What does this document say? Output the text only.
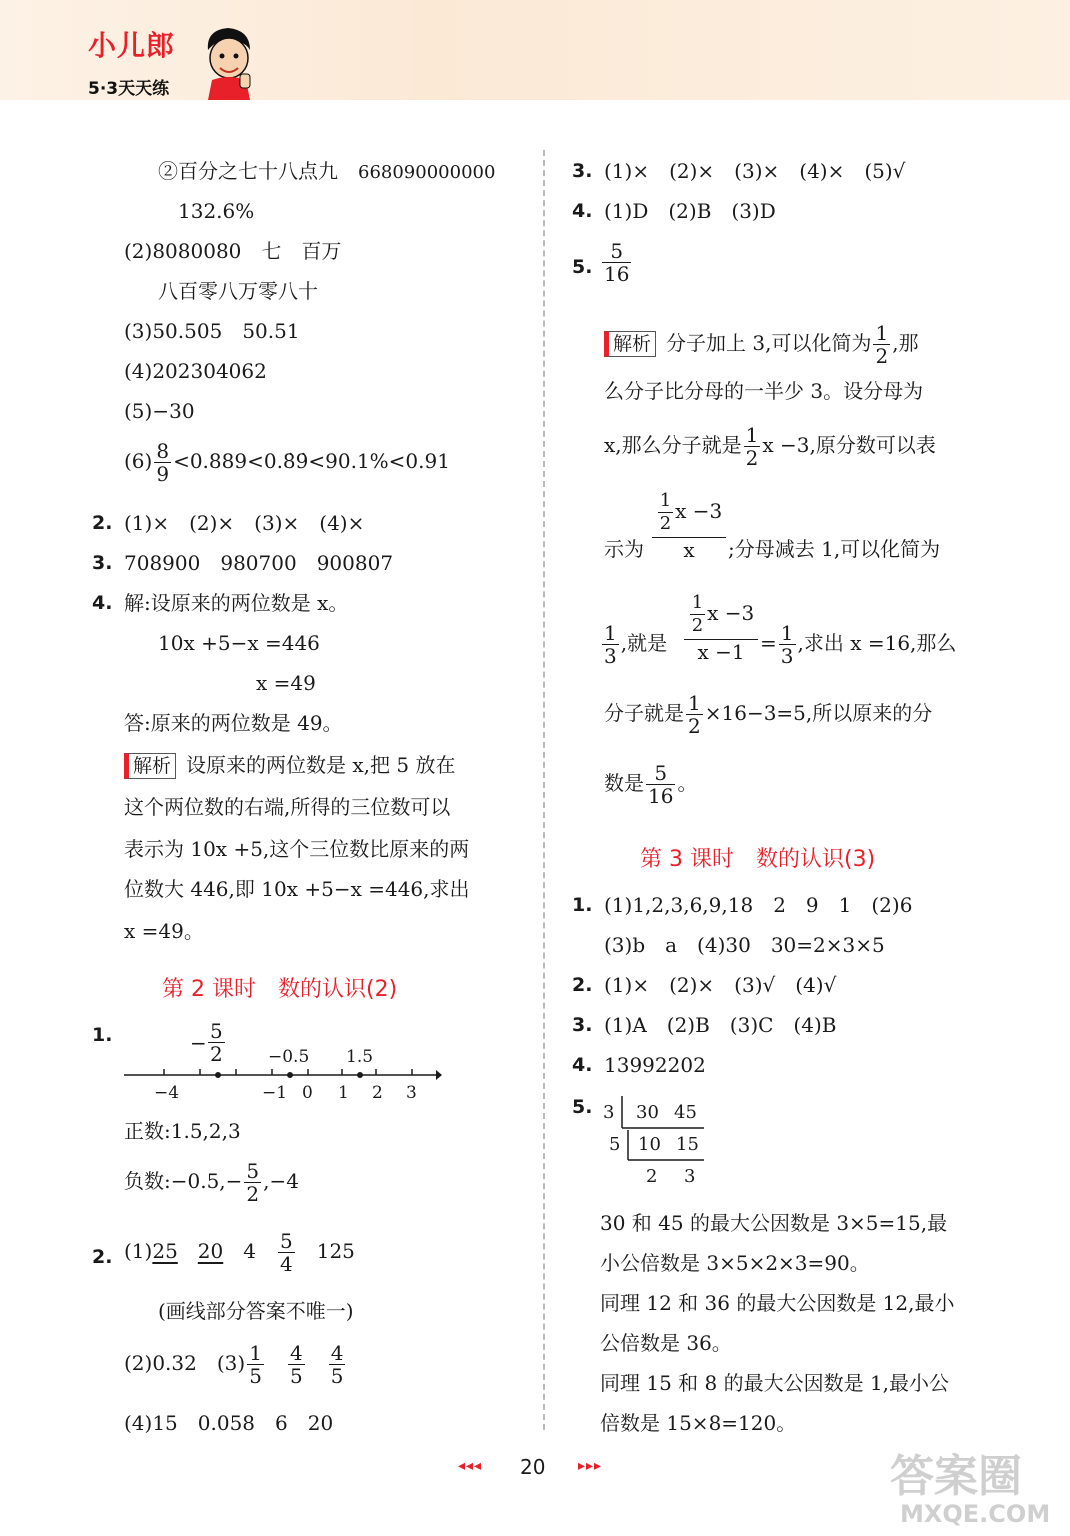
小儿郎
5·3天天练
②百分之七十八点九　 668090000000
132.6%
(2)8080080　 七　 百万
八百零八万零八十
(3)50.505　 50.51
(4)202304062
(5)−30
$(6) \frac{8}{9}$ <0.889<0.8̇9̇<90.1%<0.91
2. (1)×　(2)×　(3)×　(4)×
3. 708900　980700　900807
4. 解:设原来的两位数是 x。
10x +5−x =446
x =49
答:原来的两位数是 49。
解析 设原来的两位数是 x,把 5 放在
这个两位数的右端,所得的三位数可以
表示为 10x +5,这个三位数比原来的两
位数大 446,即 10x +5−x =446,求出
x =49。
第 2 课时　数的认识(2)
1.	− $\frac{5}{2}$	−0.5 1.5
−4	−1 0 1 2 3
正数:1.5,2,3
负数:−0.5,− $\frac{5}{2} ,-4$
2. (1)25　 20　 4　 $\frac{5}{4}$
　 125
(画线部分答案不唯一)
(2)0.32　 $(3) \frac{1}{5}$
　 $\frac{4}{5}$
　 $\frac{4}{5}$
(4)15　0.058　6　20
3. (1)×　(2)×　(3)×　(4)×　(5)√
4. (1)D　(2)B　(3)D
5. $\frac{5}{16}$
解析 分子加上 3,可以化简为 $\frac{1}{2}$ ,那
么分子比分母的一半少 3。设分母为
x,那么分子就是 $\frac{1}{2}$ x −3,原分数可以表
示为
$\frac{1}{2}$ x −3
x	;分母减去 1,可以化简为
$\frac{1}{3}$ ,就是
$\frac{1}{2}$ x −3
$x -1 = \frac{1}{3}$ ,求出 x =16,那么
分子就是 $\frac{1}{2} \times 16-3=5$,所以原来的分
数是 $\frac{5}{16}$ 。
第 3 课时　数的认识(3)
1. (1)1,2,3,6,9,18　2　9　1　(2)6
(3)b　a　(4)30　30=2×3×5
2. (1)×　(2)×　(3)√　(4)√
3. (1)A　(2)B　(3)C　(4)B
4. 13992202
5. 3 30 45
5 10 15
2 3
30 和 45 的最大公因数是 3×5=15,最
小公倍数是 3×5×2×3=90。
同理 12 和 36 的最大公因数是 12,最小
公倍数是 36。
同理 15 和 8 的最大公因数是 1,最小公
倍数是 15×8=120。
◂◂◂ 20 ▸▸▸	答案圈
MXQE.COM
